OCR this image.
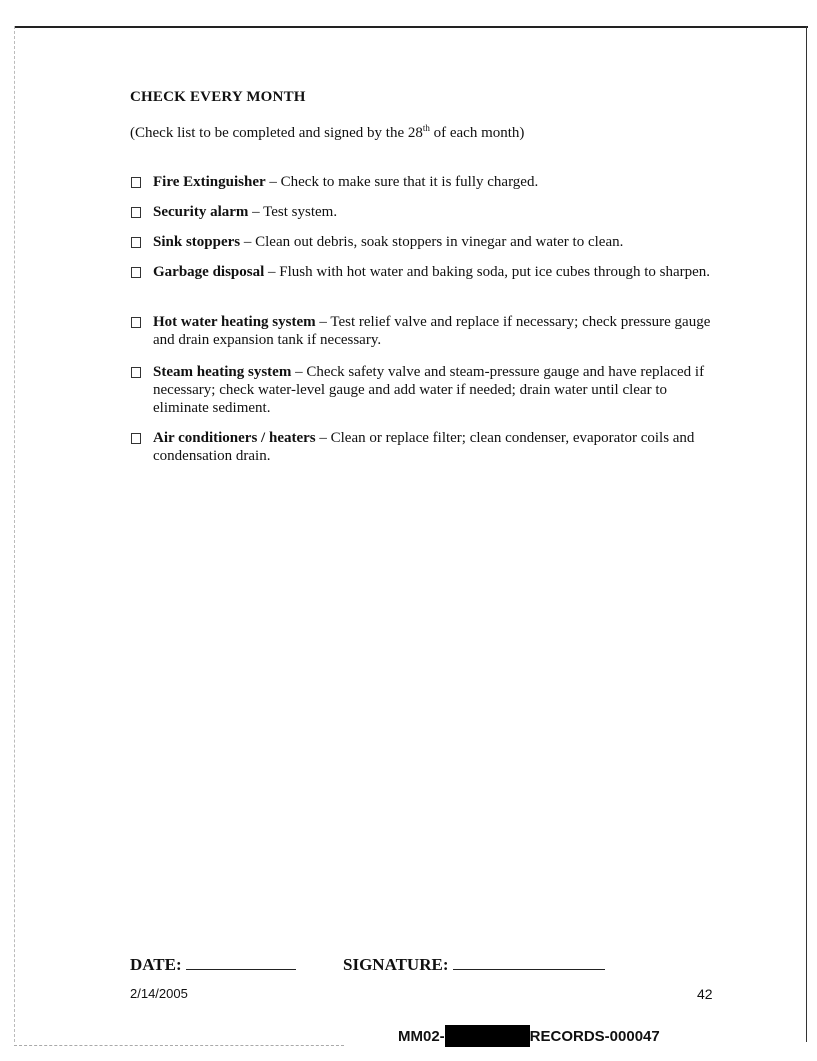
CHECK EVERY MONTH
(Check list to be completed and signed by the 28th of each month)
Fire Extinguisher – Check to make sure that it is fully charged.
Security alarm – Test system.
Sink stoppers – Clean out debris, soak stoppers in vinegar and water to clean.
Garbage disposal – Flush with hot water and baking soda, put ice cubes through to sharpen.
Hot water heating system – Test relief valve and replace if necessary; check pressure gauge and drain expansion tank if necessary.
Steam heating system – Check safety valve and steam-pressure gauge and have replaced if necessary; check water-level gauge and add water if needed; drain water until clear to eliminate sediment.
Air conditioners / heaters – Clean or replace filter; clean condenser, evaporator coils and condensation drain.
DATE:	SIGNATURE:
2/14/2005	42
MM02-	RECORDS-000047
